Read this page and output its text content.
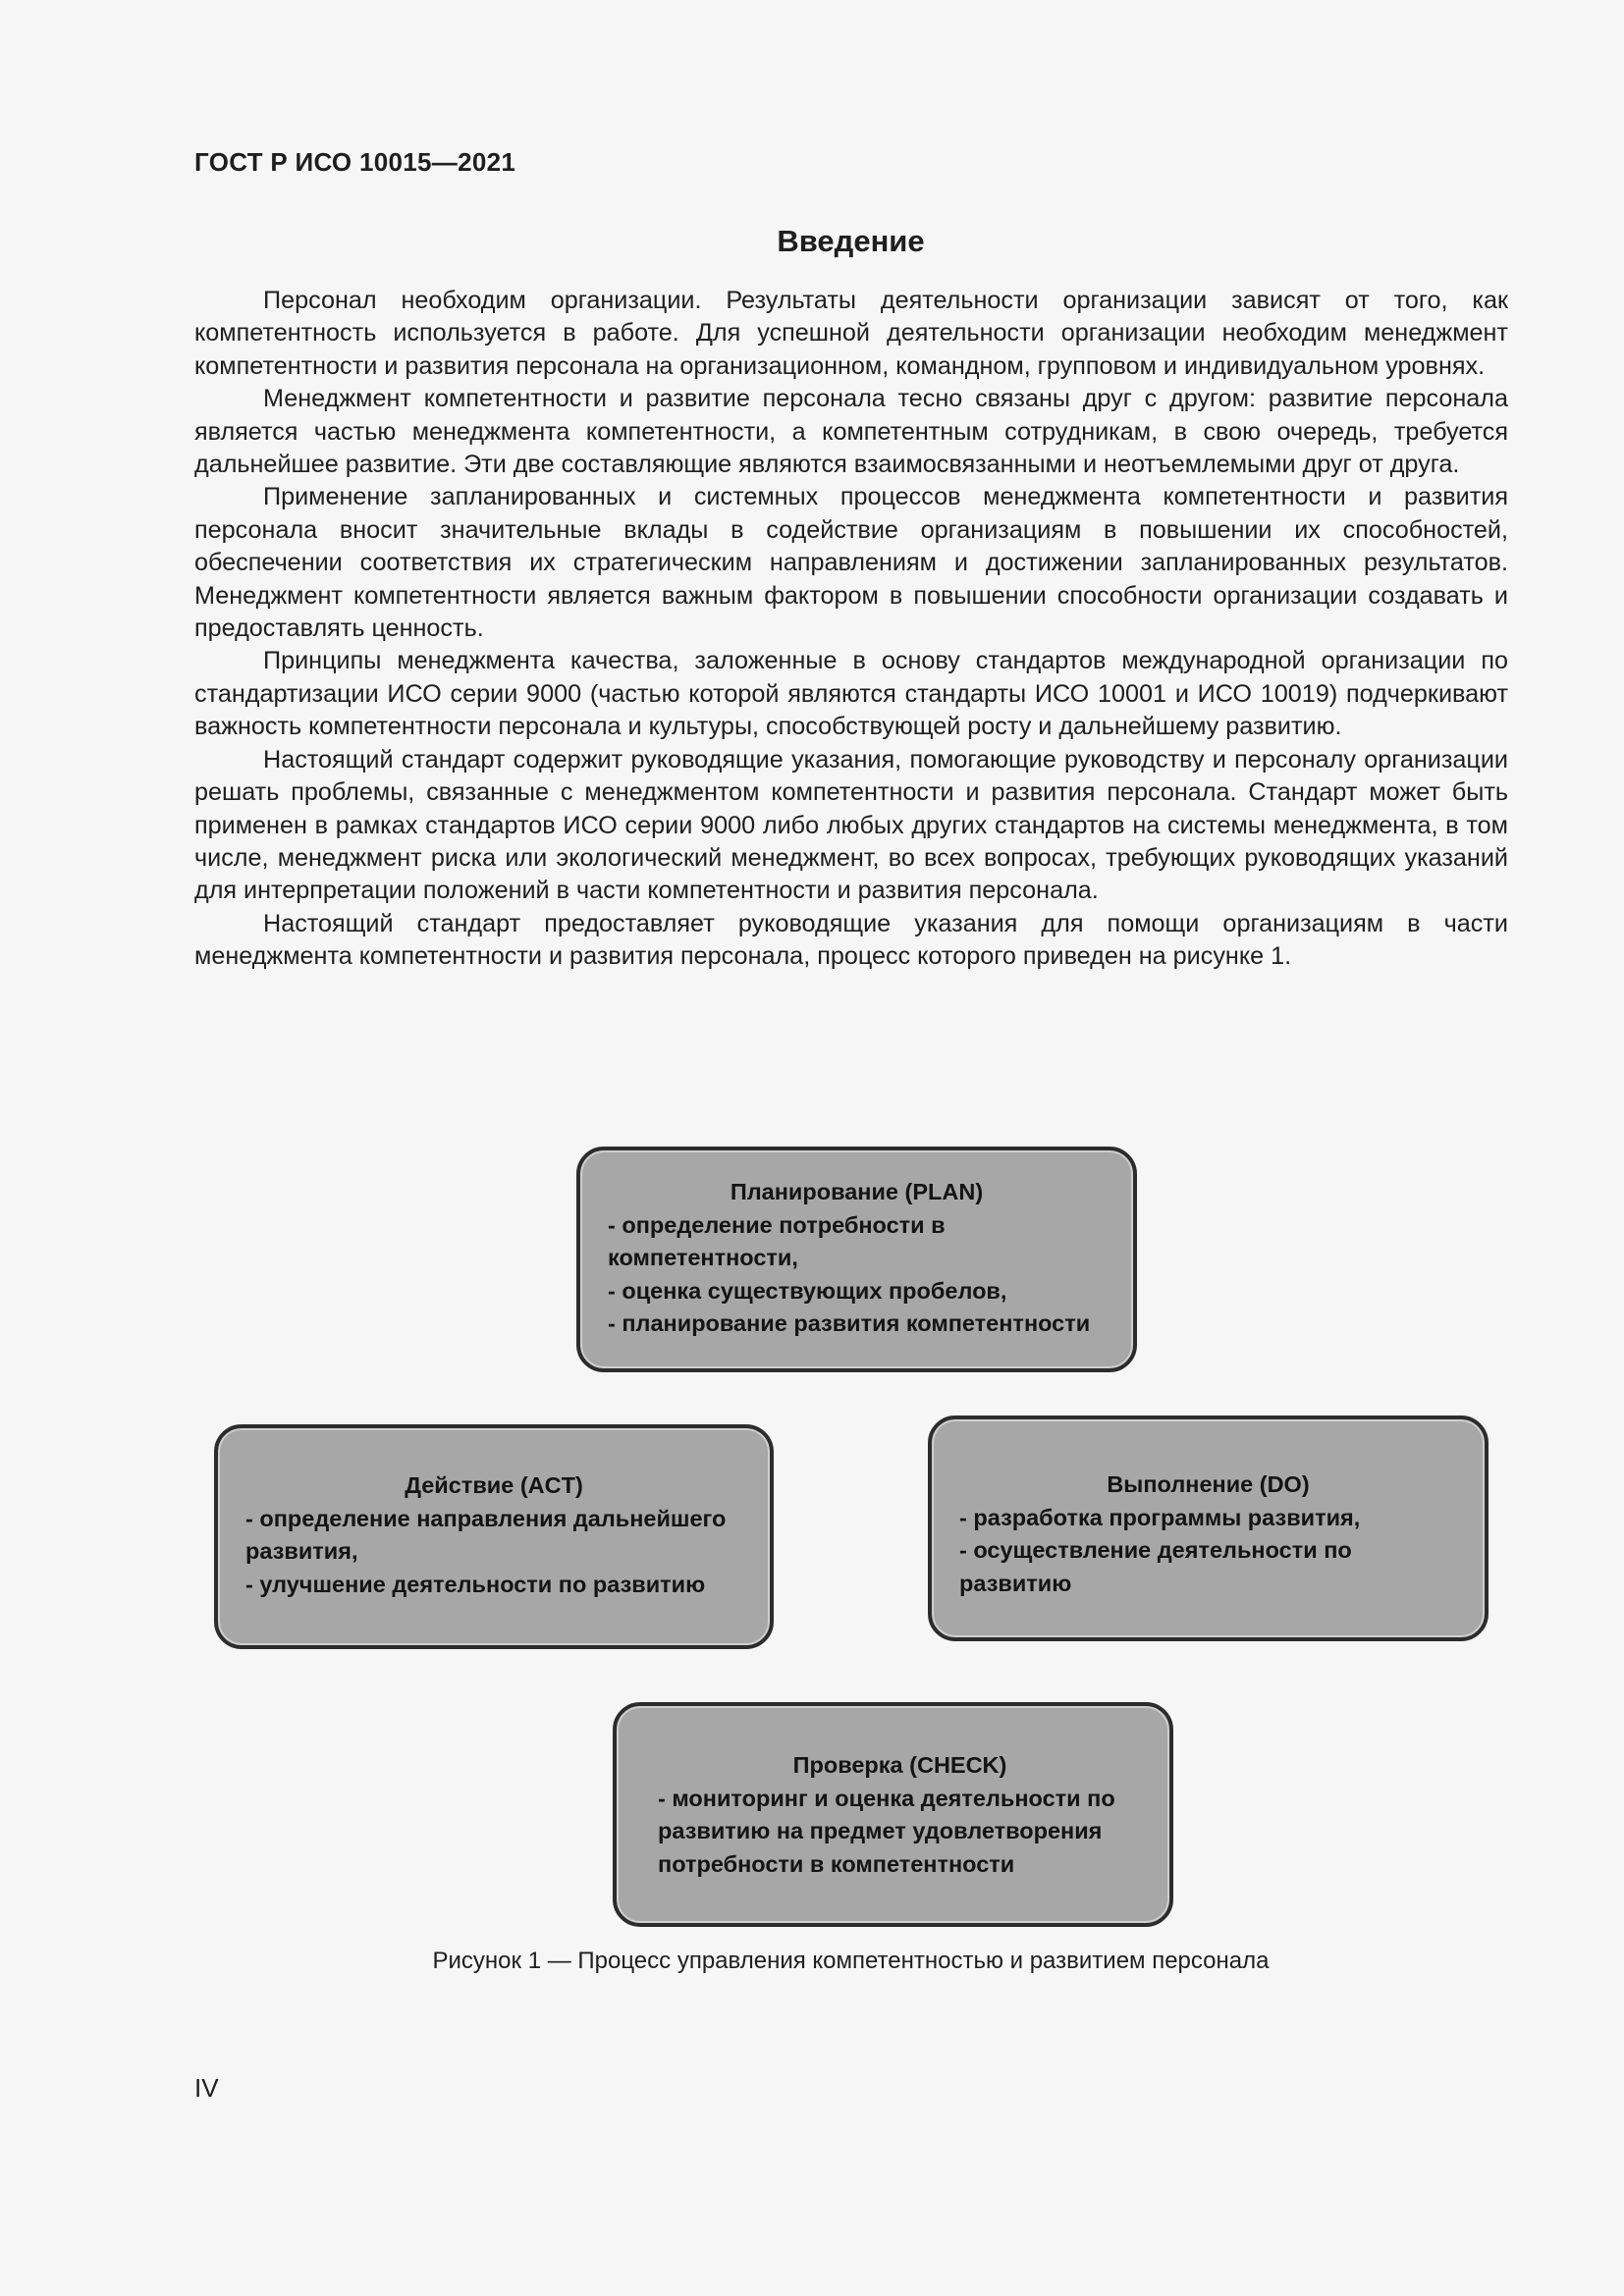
ГОСТ Р ИСО 10015—2021
Введение

Персонал необходим организации. Результаты деятельности организации зависят от того, как компетентность используется в работе. Для успешной деятельности организации необходим менеджмент компетентности и развития персонала на организационном, командном, групповом и индивидуальном уровнях.

Менеджмент компетентности и развитие персонала тесно связаны друг с другом: развитие персонала является частью менеджмента компетентности, а компетентным сотрудникам, в свою очередь, требуется дальнейшее развитие. Эти две составляющие являются взаимосвязанными и неотъемлемыми друг от друга.

Применение запланированных и системных процессов менеджмента компетентности и развития персонала вносит значительные вклады в содействие организациям в повышении их способностей, обеспечении соответствия их стратегическим направлениям и достижении запланированных результатов. Менеджмент компетентности является важным фактором в повышении способности организации создавать и предоставлять ценность.

Принципы менеджмента качества, заложенные в основу стандартов международной организации по стандартизации ИСО серии 9000 (частью которой являются стандарты ИСО 10001 и ИСО 10019) подчеркивают важность компетентности персонала и культуры, способствующей росту и дальнейшему развитию.

Настоящий стандарт содержит руководящие указания, помогающие руководству и персоналу организации решать проблемы, связанные с менеджментом компетентности и развития персонала. Стандарт может быть применен в рамках стандартов ИСО серии 9000 либо любых других стандартов на системы менеджмента, в том числе, менеджмент риска или экологический менеджмент, во всех вопросах, требующих руководящих указаний для интерпретации положений в части компетентности и развития персонала.

Настоящий стандарт предоставляет руководящие указания для помощи организациям в части менеджмента компетентности и развития персонала, процесс которого приведен на рисунке 1.

Планирование (PLAN)
- определение потребности в
компетентности,
- оценка существующих пробелов,
- планирование развития компетентности
Действие (ACT)
- определение направления дальнейшего
развития,
- улучшение деятельности по развитию
Выполнение (DO)
- разработка программы развития,
- осуществление деятельности по
развитию
Проверка (CHECK)
- мониторинг и оценка деятельности по
развитию на предмет удовлетворения
потребности в компетентности
Рисунок 1 — Процесс управления компетентностью и развитием персонала
IV
